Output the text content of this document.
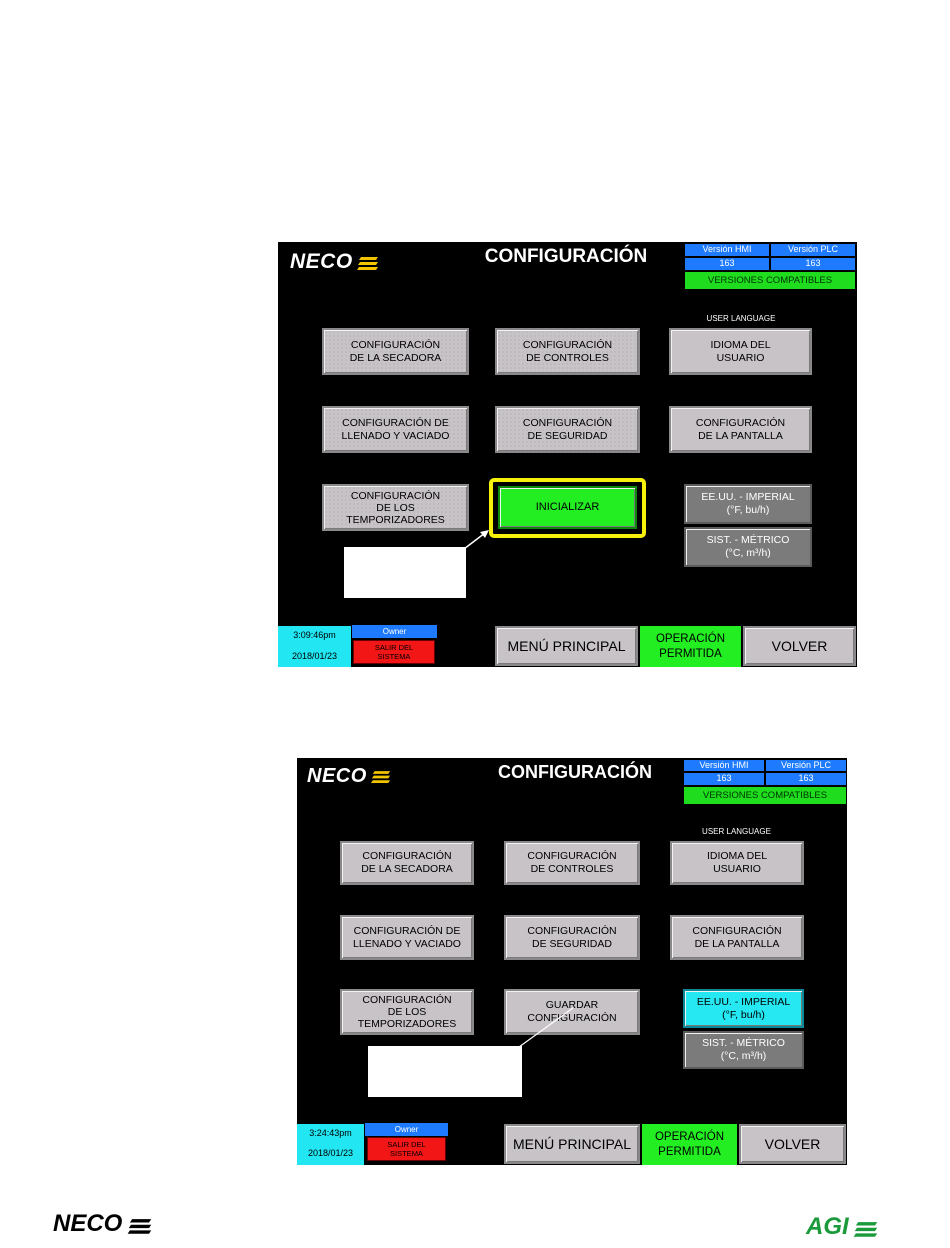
NECO	CONFIGURACIÓN	Versión HMI	Versión PLC
163	163
VERSIONES COMPATIBLES
USER LANGUAGE
CONFIGURACIÓN
DE LA SECADORA
CONFIGURACIÓN
DE CONTROLES
IDIOMA DEL
USUARIO
CONFIGURACIÓN DE
LLENADO Y VACIADO
CONFIGURACIÓN
DE SEGURIDAD
CONFIGURACIÓN
DE LA PANTALLA
CONFIGURACIÓN
DE LOS
TEMPORIZADORES
INICIALIZAR
EE.UU. - IMPERIAL
(°F, bu/h)
SIST. - MÉTRICO
(°C, m³/h)
3:09:46pm
2018/01/23
Owner
SALIR DEL
SISTEMA
MENÚ PRINCIPAL	OPERACIÓN
PERMITIDA	VOLVER
NECO	CONFIGURACIÓN	Versión HMI	Versión PLC
163	163
VERSIONES COMPATIBLES
USER LANGUAGE
CONFIGURACIÓN
DE LA SECADORA
CONFIGURACIÓN
DE CONTROLES
IDIOMA DEL
USUARIO
CONFIGURACIÓN DE
LLENADO Y VACIADO
CONFIGURACIÓN
DE SEGURIDAD
CONFIGURACIÓN
DE LA PANTALLA
CONFIGURACIÓN
DE LOS
TEMPORIZADORES
GUARDAR
CONFIGURACIÓN
EE.UU. - IMPERIAL
(°F, bu/h)
SIST. - MÉTRICO
(°C, m³/h)
3:24:43pm
2018/01/23
Owner
SALIR DEL
SISTEMA
MENÚ PRINCIPAL OPERACIÓN
PERMITIDA	VOLVER
NECO	AGI
